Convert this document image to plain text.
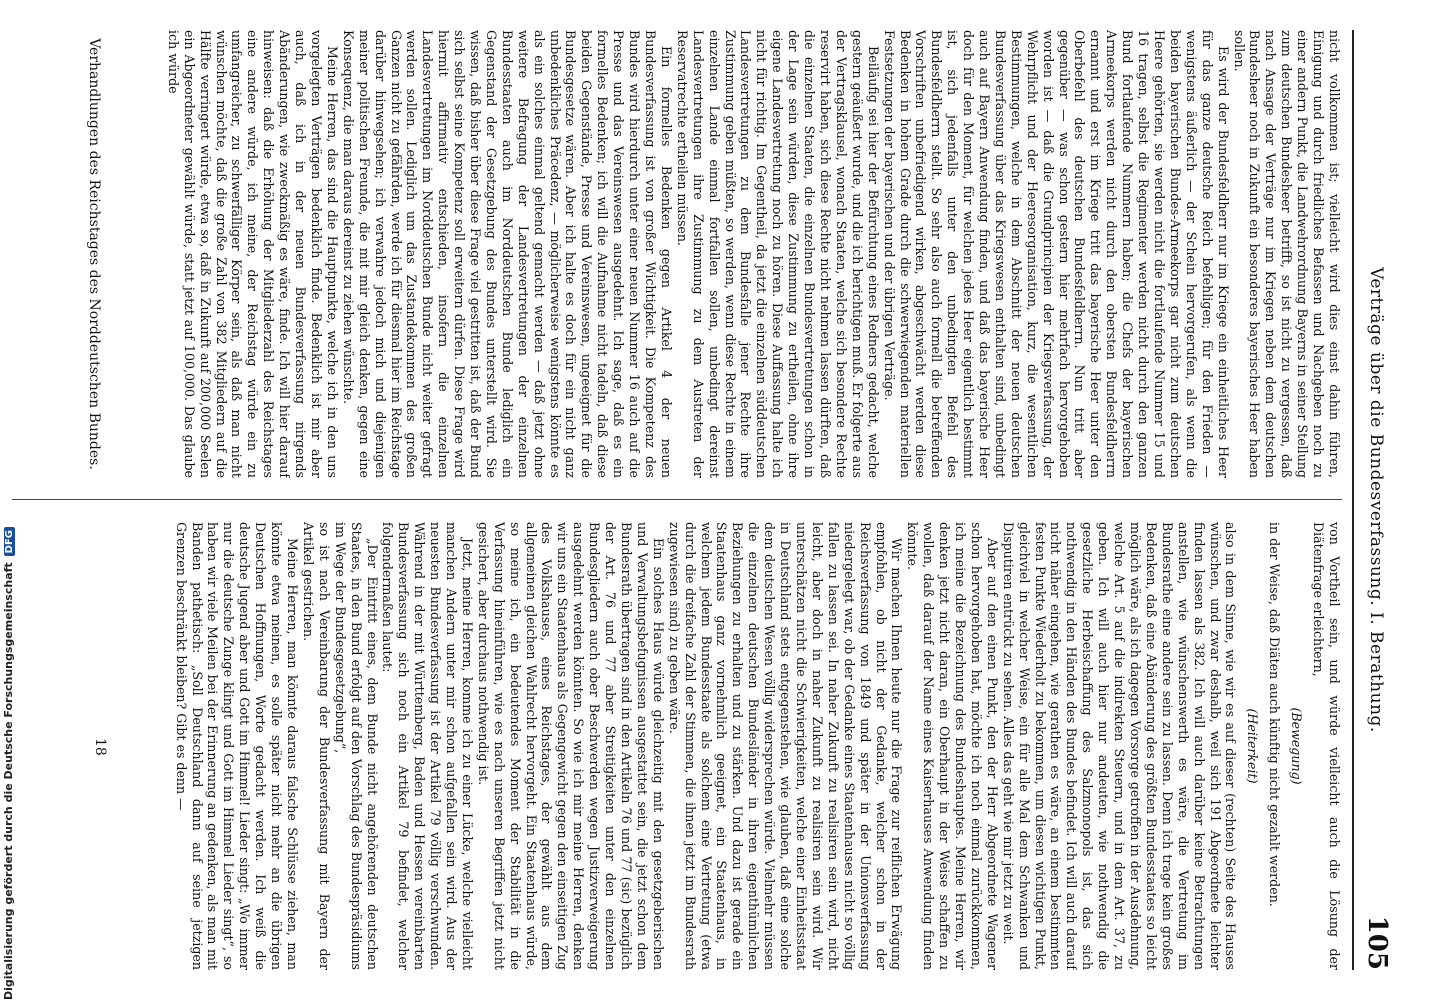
Verträge über die Bundesverfassung. I. Berathung.
105

nicht vollkommen ist; vielleicht wird dies einst dahin führen, Einigung und durch friedliches Befassen und Nachgeben noch zu einer andern Punkt, die Landwehrordnung Bayerns in seiner Stellung zum deutschen Bundesheer betrifft, so ist nicht zu vergessen, daß nach Ansage der Verträge nur im Kriegen neben dem deutschen Bundesheer noch in Zukunft ein besonderes bayerisches Heer haben sollen.

Es wird der Bundesfeldherr nur im Kriege ein einheitliches Heer für das ganze deutsche Reich befehligen; für den Frieden — wenigstens äußerlich — der Schein hervorgerufen, als wenn die beiden bayerischen Bundes-Armeekorps gar nicht zum deutschen Heere gehörten, sie werden nicht die fortlaufende Nummer 15 und 16 tragen, selbst die Regimenter werden nicht durch den ganzen Bund fortlaufende Nummern haben; die Chefs der bayerischen Armeekorps werden nicht durch den obersten Bundesfeldherrn ernannt und erst im Kriege tritt das bayerische Heer unter den Oberbefehl des deutschen Bundesfeldherrn. Nun tritt aber gegenüber — was schon gestern hier mehrfach hervorgehoben worden ist — daß die Grundprincipien der Kriegsverfassung, der Wehrpflicht und der Heeresorganisation, kurz, die wesentlichen Bestimmungen, welche in dem Abschnitt der neuen deutschen Bundesverfassung über das Kriegswesen enthalten sind, unbedingt auch auf Bayern Anwendung finden, und daß das bayerische Heer doch für den Moment, für welchen jedes Heer eigentlich bestimmt ist, sich jedenfalls unter den unbedingten Befehl des Bundesfeldherrn stellt. So sehr also auch formell die betreffenden Vorschriften unbefriedigend wirken, abgeschwächt werden diese Bedenken in hohem Grade durch die schwerwiegenden materiellen Festsetzungen der bayerischen und der übrigen Verträge.

Beiläufig sei hier der Befürchtung eines Redners gedacht, welche gestern geäußert wurde, und die ich berichtigen muß. Er folgerte aus der Vertragsklausel, wonach Staaten, welche sich besondere Rechte reservirt haben, sich diese Rechte nicht nehmen lassen dürften, daß die einzelnen Staaten, die einzelnen Bundesvertretungen schon in der Lage sein würden, diese Zustimmung zu ertheilen, ohne ihre eigene Landesvertretung noch zu hören. Diese Auffassung halte ich nicht für richtig. Im Gegentheil, da jetzt die einzelnen süddeutschen Landesvertretungen zu dem Bundesfalle jener Rechte ihre Zustimmung geben müßten, so werden, wenn diese Rechte in einem einzelnen Lande einmal fortfallen sollen, unbedingt dereinst Landesvertretungen ihre Zustimmung zu dem Austreten der Reservatrechte ertheilen müssen.

Ein formelles Bedenken gegen Artikel 4 der neuen Bundesverfassung ist von großer Wichtigkeit. Die Kompetenz des Bundes wird hierdurch unter einer neuen Nummer 16 auch auf die Presse und das Vereinswesen ausgedehnt. Ich sage, daß es ein formelles Bedenken; ich will die Aufnahme nicht tadeln, daß diese beiden Gegenstände, Presse und Vereinswesen, ungeeignet für die Bundesgesetze wären. Aber ich halte es doch für ein nicht ganz unbedenkliches Präcedenz, — möglicherweise wenigstens könnte es als ein solches einmal geltend gemacht werden — daß jetzt ohne weitere Befragung der Landesvertretungen der einzelnen Bundesstaaten auch im Norddeutschen Bunde lediglich ein Gegenstand der Gesetzgebung des Bundes unterstellt wird. Sie wissen, daß bisher über diese Frage viel gestritten ist, daß der Bund sich selbst seine Kompetenz soll erweitern dürfen. Diese Frage wird hiermit affirmativ entschieden, insofern die einzelnen Landesvertretungen im Norddeutschen Bunde nicht weiter gefragt werden sollen. Lediglich um das Zustandekommen des großen Ganzen nicht zu gefährden, werde ich für diesmal hier im Reichstage darüber hinwegsehen; ich verwahre jedoch mich und diejenigen meiner politischen Freunde, die mit mir gleich denken, gegen eine Konsequenz, die man daraus dereinst zu ziehen wünschte.

Meine Herren, das sind die Hauptpunkte, welche ich in den uns vorgelegten Verträgen bedenklich finde. Bedenklich ist mir aber auch, daß ich in der neuen Bundesverfassung nirgends Abänderungen, wie zweckmäßig es wäre, finde. Ich will hier darauf hinweisen: daß die Erhöhung der Mitgliederzahl des Reichstages eine andere würde, ich meine, der Reichstag würde ein zu umfangreicher, zu schwerfälliger Körper sein, als daß man nicht wünschen möchte, daß die große Zahl von 382 Mitgliedern auf die Hälfte verringert würde, etwa so, daß in Zukunft auf 200,000 Seelen ein Abgeordneter gewählt würde, statt jetzt auf 100,000. Das glaube ich würde

von Vortheil sein, und würde vielleicht auch die Lösung der Diätenfrage erleichtern,

(Bewegung)

in der Weise, daß Diäten auch künftig nicht gezahlt werden.

(Heiterkeit)

also in dem Sinne, wie wir es auf dieser (rechten) Seite des Hauses wünschen, und zwar deshalb, weil sich 191 Abgeordnete leichter finden lassen als 382. Ich will auch darüber keine Betrachtungen anstellen, wie wünschenswerth es wäre, die Vertretung im Bundesrathe eine andere sein zu lassen. Denn ich trage kein großes Bedenken, daß eine Abänderung des größten Bundesstaates so leicht möglich wäre, als ich dagegen Vorsorge getroffen in der Ausdehnung, welche Art. 5 auf die indirekten Steuern, und in dem Art. 37, zu geben. Ich will auch hier nur andeuten, wie nothwendig die gesetzliche Herbeischaffung des Salzmonopols ist, das sich nothwendig in den Händen des Bundes befindet. Ich will auch darauf nicht näher eingehen, wie gerathen es wäre, an einem bestimmten festen Punkte Wiederholt zu bekommen, um diesen wichtigen Punkt, gleichviel in welcher Weise, ein für alle Mal dem Schwanken und Disputiren entrückt zu sehen. Alles das geht wie mir jetzt zu weit.

Aber auf den einen Punkt, den der Herr Abgeordnete Wagener schon hervorgehoben hat, möchte ich noch einmal zurückkommen, ich meine die Bezeichnung des Bundeshauptes. Meine Herren, wir denken jetzt nicht daran, ein Oberhaupt in der Weise schaffen zu wollen, daß darauf der Name eines Kaiserhauses Anwendung finden könnte.

Wir machen Ihnen heute nur die Frage zur reiflichen Erwägung empfohlen, ob nicht der Gedanke, welcher schon in der Reichsverfassung von 1849 und später in der Unionsverfassung niedergelegt war, ob der Gedanke eines Staatenhauses nicht so völlig fallen zu lassen sei. In naher Zukunft zu realisiren sein wird, nicht leicht, aber doch in naher Zukunft zu realisiren sein wird. Wir unterschätzen nicht die Schwierigkeiten, welche einer Einheitsstaat in Deutschland stets entgegenstehen, wie glauben, daß eine solche dem deutschen Wesen völlig widersprechen würde. Vielmehr müssen die einzelnen deutschen Bundesländer in ihren eigenthümlichen Beziehungen zu erhalten und zu stärken. Und dazu ist gerade ein Staatenhaus ganz vornehmlich geeignet, ein Staatenhaus, in welchem jedem Bundesstaate als solchem eine Vertretung (etwa durch die dreifache Zahl der Stimmen, die ihnen jetzt im Bundesrath zugewiesen sind) zu geben wäre.

Ein solches Haus würde gleichzeitig mit den gesetzgeberischen und Verwaltungsbefugnissen ausgestattet sein, die jetzt schon dem Bundesrath übertragen sind in den Artikeln 76 und 77 (sic) bezüglich der Art. 76 und 77 aber Streitigkeiten unter den einzelnen Bundesgliedern auch ober Beschwerden wegen Justizverweigerung ausgedehnt werden könnten. So wie ich mir meine Herren, denken wir uns ein Staatenhaus als Gegengewicht gegen den einseitigen Zug des Volkshauses, eines Reichstages, der gewählt aus dem allgemeinen gleichen Wahlrecht hervorgeht. Ein Staatenhaus würde, so meine ich, ein bedeutendes Moment der Stabilität in die Verfassung hineinführen, wie es nach unseren Begriffen jetzt nicht gesichert, aber durchaus nothwendig ist.

Jetzt, meine Herren, komme ich zu einer Lücke, welche vielleicht manchen Andern unter mir schon aufgefallen sein wird. Aus der neuesten Bundesverfassung ist der Artikel 79 völlig verschwunden. Während in der mit Württemberg, Baden und Hessen vereinbarten Bundesverfassung sich noch ein Artikel 79 befindet, welcher folgendermaßen lautet:

„Der Eintritt eines, dem Bunde nicht angehörenden deutschen Staates, in den Bund erfolgt auf den Vorschlag des Bundespräsidiums im Wege der Bundesgesetzgebung“,

so ist nach Vereinbarung der Bundesverfassung mit Bayern der Artikel gestrichen.

Meine Herren, man könnte daraus falsche Schlüsse ziehen, man könnte etwa meinen, es solle später nicht mehr an die übrigen Deutschen Hoffnungen, Worte gedacht werden. Ich weiß die deutsche Jugend aber und Gott im Himmel! Lieder singt: „Wo immer nur die deutsche Zunge klingt und Gott im Himmel Lieder singt“, so haben wir viele Meilen bei der Erinnerung an gedenken, als man mit Banden pathetisch: „Soll Deutschland dann auf seine jetzigen Grenzen beschränkt bleiben? Gibt es denn —

Verhandlungen des Reichstages des Norddeutschen Bundes.
18
Digitalisierung gefördert durch die Deutsche ForschungsgemeinschaftDFG
